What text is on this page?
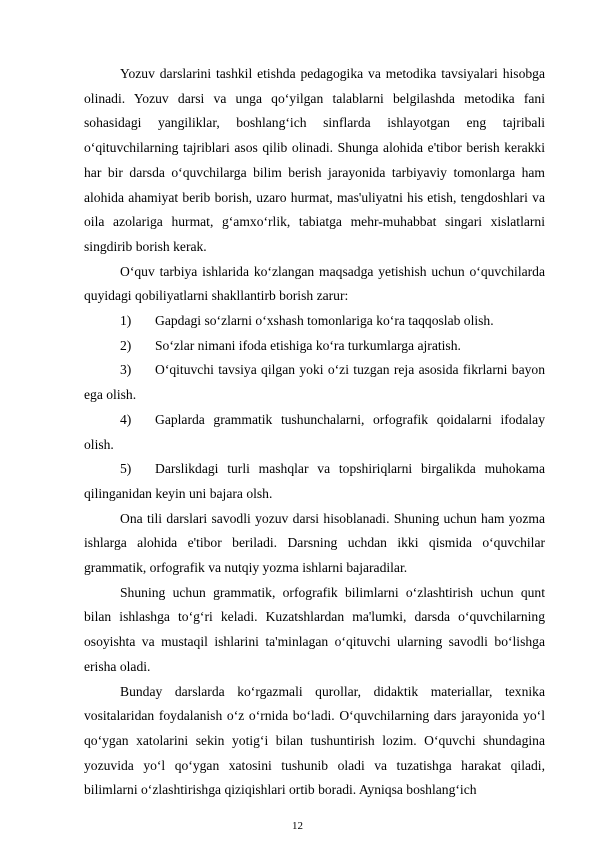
Yozuv darslarini tashkil etishda pedagogika va metodika tavsiyalari hisobga olinadi. Yozuv darsi va unga qo‘yilgan talablarni belgilashda metodika fani sohasidagi yangiliklar, boshlang‘ich sinflarda ishlayotgan eng tajribali o‘qituvchilarning tajriblari asos qilib olinadi. Shunga alohida e'tibor berish kerakki har bir darsda o‘quvchilarga bilim berish jarayonida tarbiyaviy tomonlarga ham alohida ahamiyat berib borish, uzaro hurmat, mas'uliyatni his etish, tengdoshlari va oila azolariga hurmat, g‘amxo‘rlik, tabiatga mehr-muhabbat singari xislatlarni singdirib borish kerak.

O‘quv tarbiya ishlarida ko‘zlangan maqsadga yetishish uchun o‘quvchilarda quyidagi qobiliyatlarni shakllantirb borish zarur:

1)	Gapdagi so‘zlarni o‘xshash tomonlariga ko‘ra taqqoslab olish.
2)	So‘zlar nimani ifoda etishiga ko‘ra turkumlarga ajratish.
3)	O‘qituvchi tavsiya qilgan yoki o‘zi tuzgan reja asosida fikrlarni bayon ega olish.
4)	Gaplarda grammatik tushunchalarni, orfografik qoidalarni ifodalay olish.
5)	Darslikdagi turli mashqlar va topshiriqlarni birgalikda muhokama qilinganidan keyin uni bajara olsh.

Ona tili darslari savodli yozuv darsi hisoblanadi. Shuning uchun ham yozma ishlarga alohida e'tibor beriladi. Darsning uchdan ikki qismida o‘quvchilar grammatik, orfografik va nutqiy yozma ishlarni bajaradilar.

Shuning uchun grammatik, orfografik bilimlarni o‘zlashtirish uchun qunt bilan ishlashga to‘g‘ri keladi. Kuzatshlardan ma'lumki, darsda o‘quvchilarning osoyishta va mustaqil ishlarini ta'minlagan o‘qituvchi ularning savodli bo‘lishga erisha oladi.

Bunday darslarda ko‘rgazmali qurollar, didaktik materiallar, texnika vositalaridan foydalanish o‘z o‘rnida bo‘ladi. O‘quvchilarning dars jarayonida yo‘l qo‘ygan xatolarini sekin yotig‘i bilan tushuntirish lozim. O‘quvchi shundagina yozuvida yo‘l qo‘ygan xatosini tushunib oladi va tuzatishga harakat qiladi, bilimlarni o‘zlashtirishga qiziqishlari ortib boradi. Ayniqsa boshlang‘ich

12
